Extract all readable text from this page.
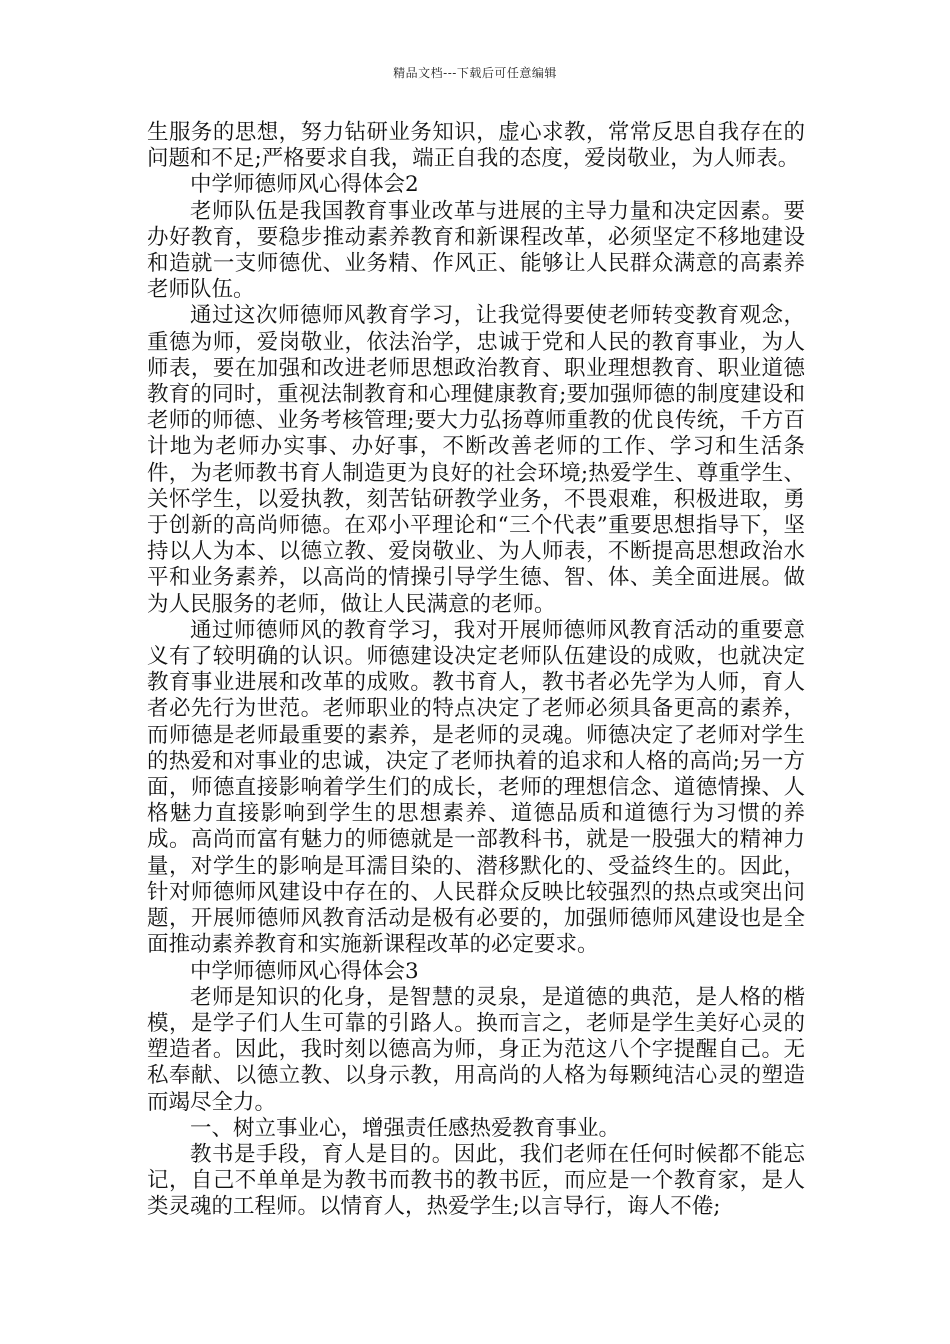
精品文档---下载后可任意编辑

生服务的思想，努力钻研业务知识，虚心求教，常常反思自我存在的问题和不足;严格要求自我，端正自我的态度，爱岗敬业，为人师表。

中学师德师风心得体会2

老师队伍是我国教育事业改革与进展的主导力量和决定因素。要办好教育，要稳步推动素养教育和新课程改革，必须坚定不移地建设和造就一支师德优、业务精、作风正、能够让人民群众满意的高素养老师队伍。

通过这次师德师风教育学习，让我觉得要使老师转变教育观念，重德为师，爱岗敬业，依法治学，忠诚于党和人民的教育事业，为人师表，要在加强和改进老师思想政治教育、职业理想教育、职业道德教育的同时，重视法制教育和心理健康教育;要加强师德的制度建设和老师的师德、业务考核管理;要大力弘扬尊师重教的优良传统，千方百计地为老师办实事、办好事，不断改善老师的工作、学习和生活条件，为老师教书育人制造更为良好的社会环境;热爱学生、尊重学生、关怀学生，以爱执教，刻苦钻研教学业务，不畏艰难，积极进取，勇于创新的高尚师德。在邓小平理论和“三个代表”重要思想指导下，坚持以人为本、以德立教、爱岗敬业、为人师表，不断提高思想政治水平和业务素养，以高尚的情操引导学生德、智、体、美全面进展。做为人民服务的老师，做让人民满意的老师。

通过师德师风的教育学习，我对开展师德师风教育活动的重要意义有了较明确的认识。师德建设决定老师队伍建设的成败，也就决定教育事业进展和改革的成败。教书育人，教书者必先学为人师，育人者必先行为世范。老师职业的特点决定了老师必须具备更高的素养，而师德是老师最重要的素养，是老师的灵魂。师德决定了老师对学生的热爱和对事业的忠诚，决定了老师执着的追求和人格的高尚;另一方面，师德直接影响着学生们的成长，老师的理想信念、道德情操、人格魅力直接影响到学生的思想素养、道德品质和道德行为习惯的养成。高尚而富有魅力的师德就是一部教科书，就是一股强大的精神力量，对学生的影响是耳濡目染的、潜移默化的、受益终生的。因此，针对师德师风建设中存在的、人民群众反映比较强烈的热点或突出问题，开展师德师风教育活动是极有必要的，加强师德师风建设也是全面推动素养教育和实施新课程改革的必定要求。

中学师德师风心得体会3

老师是知识的化身，是智慧的灵泉，是道德的典范，是人格的楷模，是学子们人生可靠的引路人。换而言之，老师是学生美好心灵的塑造者。因此，我时刻以德高为师，身正为范这八个字提醒自己。无私奉献、以德立教、以身示教，用高尚的人格为每颗纯洁心灵的塑造而竭尽全力。

一、树立事业心，增强责任感热爱教育事业。

教书是手段，育人是目的。因此，我们老师在任何时候都不能忘记，自己不单单是为教书而教书的教书匠，而应是一个教育家，是人类灵魂的工程师。以情育人，热爱学生;以言导行，诲人不倦;
